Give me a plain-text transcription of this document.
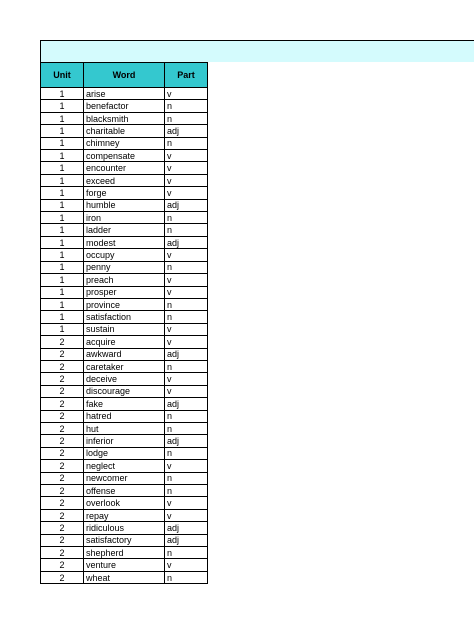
Unit	Word	Part
1	arise	v
1	benefactor	n
1	blacksmith	n
1	charitable	adj
1	chimney	n
1	compensate	v
1	encounter	v
1	exceed	v
1	forge	v
1	humble	adj
1	iron	n
1	ladder	n
1	modest	adj
1	occupy	v
1	penny	n
1	preach	v
1	prosper	v
1	province	n
1	satisfaction	n
1	sustain	v
2	acquire	v
2	awkward	adj
2	caretaker	n
2	deceive	v
2	discourage	v
2	fake	adj
2	hatred	n
2	hut	n
2	inferior	adj
2	lodge	n
2	neglect	v
2	newcomer	n
2	offense	n
2	overlook	v
2	repay	v
2	ridiculous	adj
2	satisfactory	adj
2	shepherd	n
2	venture	v
2	wheat	n
